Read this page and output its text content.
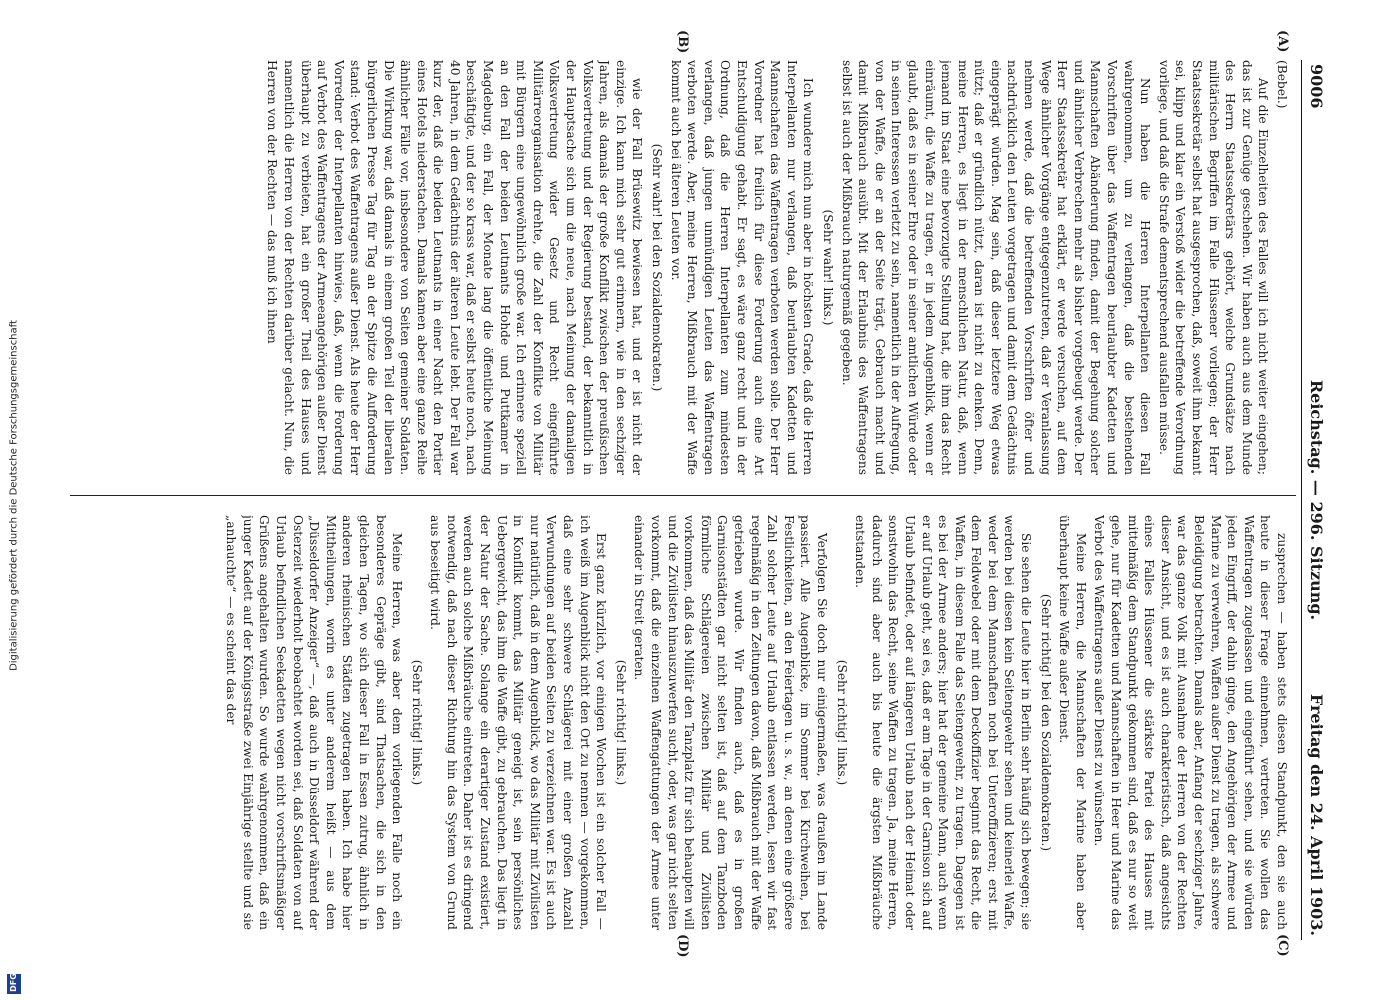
Digitalisierung gefördert durch die Deutsche Forschungsgemeinschaft
DFG
9006
Reichstag. — 296. Sitzung.
Freitag den 24. April 1903.
(A)
(B)
(C)
(D)

(Bebel.)

Auf die Einzelheiten des Falles will ich nicht weiter eingehen; das ist zur Genüge geschehen. Wir haben auch aus dem Munde des Herrn Staatssekretärs gehört, welche Grundsätze nach militärischen Begriffen im Falle Hüssener vorliegen; der Herr Staatssekretär selbst hat ausgesprochen, daß, soweit ihm bekannt sei, klipp und klar ein Verstoß wider die betreffende Verordnung vorliege, und daß die Strafe dementsprechend ausfallen müsse.

Nun haben die Herren Interpellanten diesen Fall wahrgenommen, um zu verlangen, daß die bestehenden Vorschriften über das Waffentragen beurlaubter Kadetten und Mannschaften Abänderung finden, damit der Begehung solcher und ähnlicher Verbrechen mehr als bisher vorgebeugt werde. Der Herr Staatssekretär hat erklärt, er werde versuchen, auf dem Wege ähnlicher Vorgänge entgegenzutreten, daß er Veranlassung nehmen werde, daß die betreffenden Vorschriften öfter und nachdrücklich den Leuten vorgetragen und damit dem Gedächtnis eingeprägt würden. Mag sein, daß dieser letztere Weg etwas nützt; daß er gründlich nützt, daran ist nicht zu denken. Denn, meine Herren, es liegt in der menschlichen Natur, daß, wenn jemand im Staat eine bevorzugte Stellung hat, die ihm das Recht einräumt, die Waffe zu tragen, er in jedem Augenblick, wenn er glaubt, daß es in seiner Ehre oder in seiner amtlichen Würde oder in seinen Interessen verletzt zu sein, namentlich in der Aufregung, von der Waffe, die er an der Seite trägt, Gebrauch macht und damit Mißbrauch ausübt. Mit der Erlaubnis des Waffentragens selbst ist auch der Mißbrauch naturgemäß gegeben.

(Sehr wahr! links.)

Ich wundere mich nun aber in höchsten Grade, daß die Herren Interpellanten nur verlangen, daß beurlaubten Kadetten und Mannschaften das Waffentragen verboten werden solle. Der Herr Vorredner hat freilich für diese Forderung auch eine Art Entschuldigung gehabt. Er sagt, es wäre ganz recht und in der Ordnung, daß die Herren Interpellanten zum mindesten verlangen, daß jungen unmündigen Leuten das Waffentragen verboten werde. Aber, meine Herren, Mißbrauch mit der Waffe kommt auch bei älteren Leuten vor.

(Sehr wahr! bei den Sozialdemokraten.)

wie der Fall Brüsewitz bewiesen hat, und er ist nicht der einzige. Ich kann mich sehr gut erinnern, wie in den sechziger Jahren, als damals der große Konflikt zwischen der preußischen Volksvertretung und der Regierung bestand, der bekanntlich in der Hauptsache sich um die neue, nach Meinung der damaligen Volksvertretung wider Gesetz und Recht eingeführte Militärreorganisation drehte, die Zahl der Konflikte von Militär mit Bürgern eine ungewöhnlich große war. Ich erinnere speziell an den Fall der beiden Leutnants Hohde und Puttkamer in Magdeburg, ein Fall, der Monate lang die öffentliche Meinung beschäftigte, und der so krass war, daß er selbst heute noch, nach 40 Jahren, in dem Gedächtnis der älteren Leute lebt. Der Fall war kurz der, daß die beiden Leutnants in einer Nacht den Portier eines Hotels niederstachen. Damals kamen aber eine ganze Reihe ähnlicher Fälle vor, insbesondere von Seiten gemeiner Soldaten. Die Wirkung war, daß damals in einem großen Teil der liberalen bürgerlichen Presse Tag für Tag an der Spitze die Aufforderung stand: Verbot des Waffentragens außer Dienst. Als heute der Herr Vorredner der Interpellanten hinwies, daß, wenn die Forderung auf Verbot des Waffentragens der Armeeangehörigen außer Dienst überhaupt zu verbieten, hat ein großer Theil des Hauses und namentlich die Herren von der Rechten darüber gelacht. Nun, die Herren von der Rechten — das muß ich ihnen

zusprechen — haben stets diesen Standpunkt, den sie auch heute in dieser Frage einnehmen, vertreten. Sie wollen das Waffentragen zugelassen und eingeführt sehen, und sie würden jeden Eingriff, der dahin ginge, den Angehörigen der Armee und Marine zu verwehren, Waffen außer Dienst zu tragen, als schwere Beleidigung betrachten. Damals aber, Anfang der sechziger Jahre, war das ganze Volk mit Ausnahme der Herren von der Rechten dieser Ansicht, und es ist auch charakteristisch, daß angesichts eines Falles Hüssener die stärkste Partei des Hauses mit mittelmäßig dem Standpunkt gekommen sind, daß es nur so weit gehe, nur für Kadetten und Mannschaften in Heer und Marine das Verbot des Waffentragens außer Dienst zu wünschen.

Meine Herren, die Mannschaften der Marine haben aber überhaupt keine Waffe außer Dienst.

(Sehr richtig! bei den Sozialdemokraten.)

Sie sehen die Leute hier in Berlin sehr häufig sich bewegen; sie werden bei diesen kein Seitengewehr sehen und keinerlei Waffe, weder bei dem Mannschaften noch bei Unteroffizieren; erst mit dem Feldwebel oder mit dem Deckoffizier beginnt das Recht, die Waffen, in diesem Falle das Seitengewehr, zu tragen. Dagegen ist es bei der Armee anders; hier hat der gemeine Mann, auch wenn er auf Urlaub geht, sei es, daß er am Tage in der Garnison sich auf Urlaub befindet, oder auf längeren Urlaub nach der Heimat oder sonstwohin das Recht, seine Waffen zu tragen. Ja, meine Herren, dadurch sind aber auch bis heute die ärgsten Mißbräuche entstanden.

(Sehr richtig! links.)

Verfolgen Sie doch nur einigermaßen, was draußen im Lande passiert. Alle Augenblicke, im Sommer bei Kirchweihen, bei Festlichkeiten, an den Feiertagen u. s. w., an denen eine größere Zahl solcher Leute auf Urlaub entlassen werden, lesen wir fast regelmäßig in den Zeitungen davon, daß Mißbrauch mit der Waffe getrieben wurde. Wir finden auch, daß es in großen Garnisonstädten gar nicht selten ist, daß auf dem Tanzboden förmliche Schlägereien zwischen Militär und Zivilisten vorkommen, daß das Militär den Tanzplatz für sich behaupten will und die Zivilisten hinauszuwerfen sucht, oder, was gar nicht selten vorkommt, daß die einzelnen Waffengattungen der Armee unter einander in Streit geraten.

(Sehr richtig! links.)

Erst ganz kürzlich, vor einigen Wochen ist ein solcher Fall — ich weiß im Augenblick nicht den Ort zu nennen — vorgekommen, daß eine sehr schwere Schlägerei mit einer großen Anzahl Verwundungen auf beiden Seiten zu verzeichnen war. Es ist auch nur natürlich, daß in dem Augenblick, wo das Militär mit Zivilisten in Konflikt kommt, das Militär geneigt ist, sein persönliches Uebergewicht, das ihm die Waffe gibt, zu gebrauchen. Das liegt in der Natur der Sache. Solange ein derartiger Zustand existiert, werden auch solche Mißbräuche eintreten. Daher ist es dringend notwendig, daß nach dieser Richtung hin das System von Grund aus beseitigt wird.

(Sehr richtig! links.)

Meine Herren, was aber dem vorliegenden Falle noch ein besonderes Gepräge gibt, sind Thatsachen, die sich in den gleichen Tagen, wo sich dieser Fall in Essen zutrug, ähnlich in anderen rheinischen Städten zugetragen haben. Ich habe hier Mittheilungen, worin es unter anderem heißt — aus dem „Düsseldorfer Anzeiger“ —, daß auch in Düsseldorf während der Osterzeit wiederholt beobachtet worden sei, daß Soldaten von auf Urlaub befindlichen Seekadetten wegen nicht vorschriftsmäßiger Grüßens angehalten wurden. So wurde wahrgenommen, daß ein junger Kadett auf der Königsstraße zwei Einjährige stellte und sie „anhauchte“ — es scheint das der
